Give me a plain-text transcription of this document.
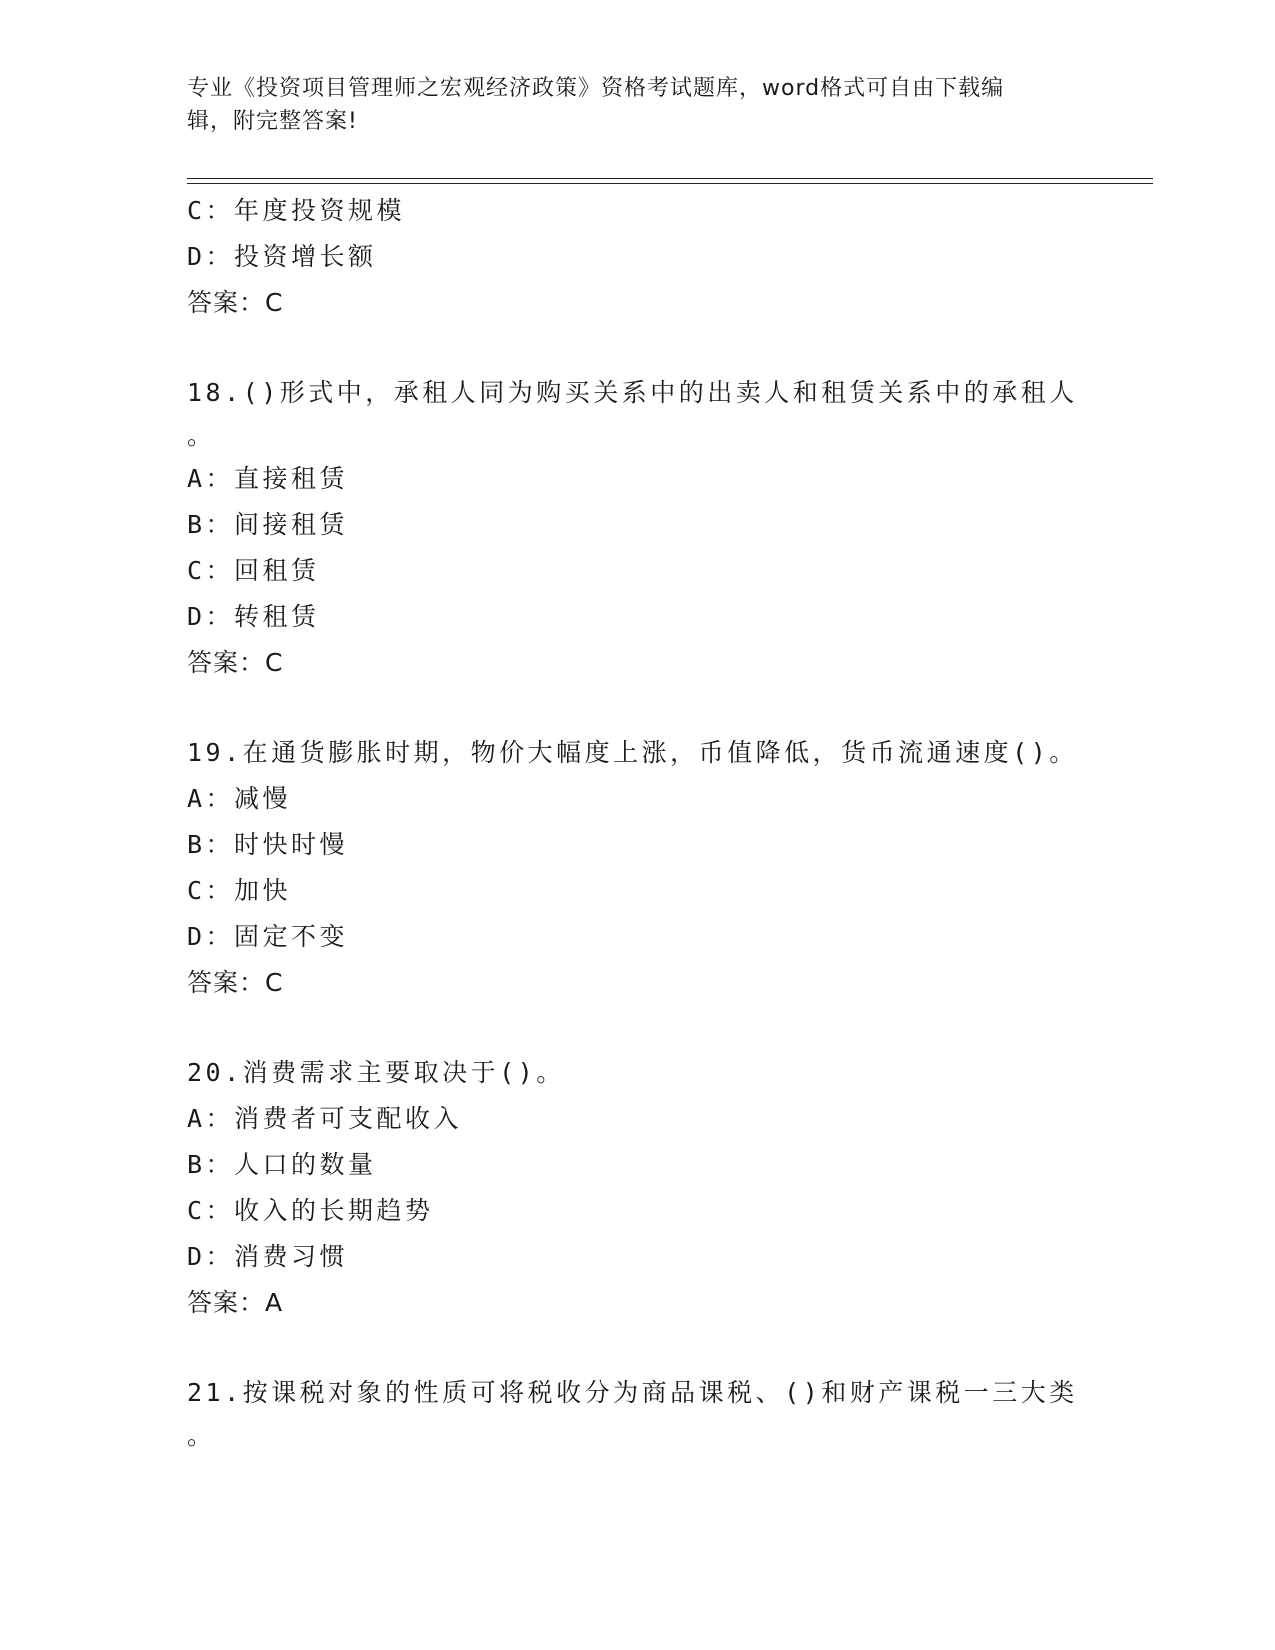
专业《投资项目管理师之宏观经济政策》资格考试题库，word格式可自由下载编
辑，附完整答案!
C：年度投资规模
D：投资增长额
答案：C
18.()形式中，承租人同为购买关系中的出卖人和租赁关系中的承租人
。
A：直接租赁
B：间接租赁
C：回租赁
D：转租赁
答案：C
19.在通货膨胀时期，物价大幅度上涨，币值降低，货币流通速度()。
A：减慢
B：时快时慢
C：加快
D：固定不变
答案：C
20.消费需求主要取决于()。
A：消费者可支配收入
B：人口的数量
C：收入的长期趋势
D：消费习惯
答案：A
21.按课税对象的性质可将税收分为商品课税、()和财产课税一三大类
。
